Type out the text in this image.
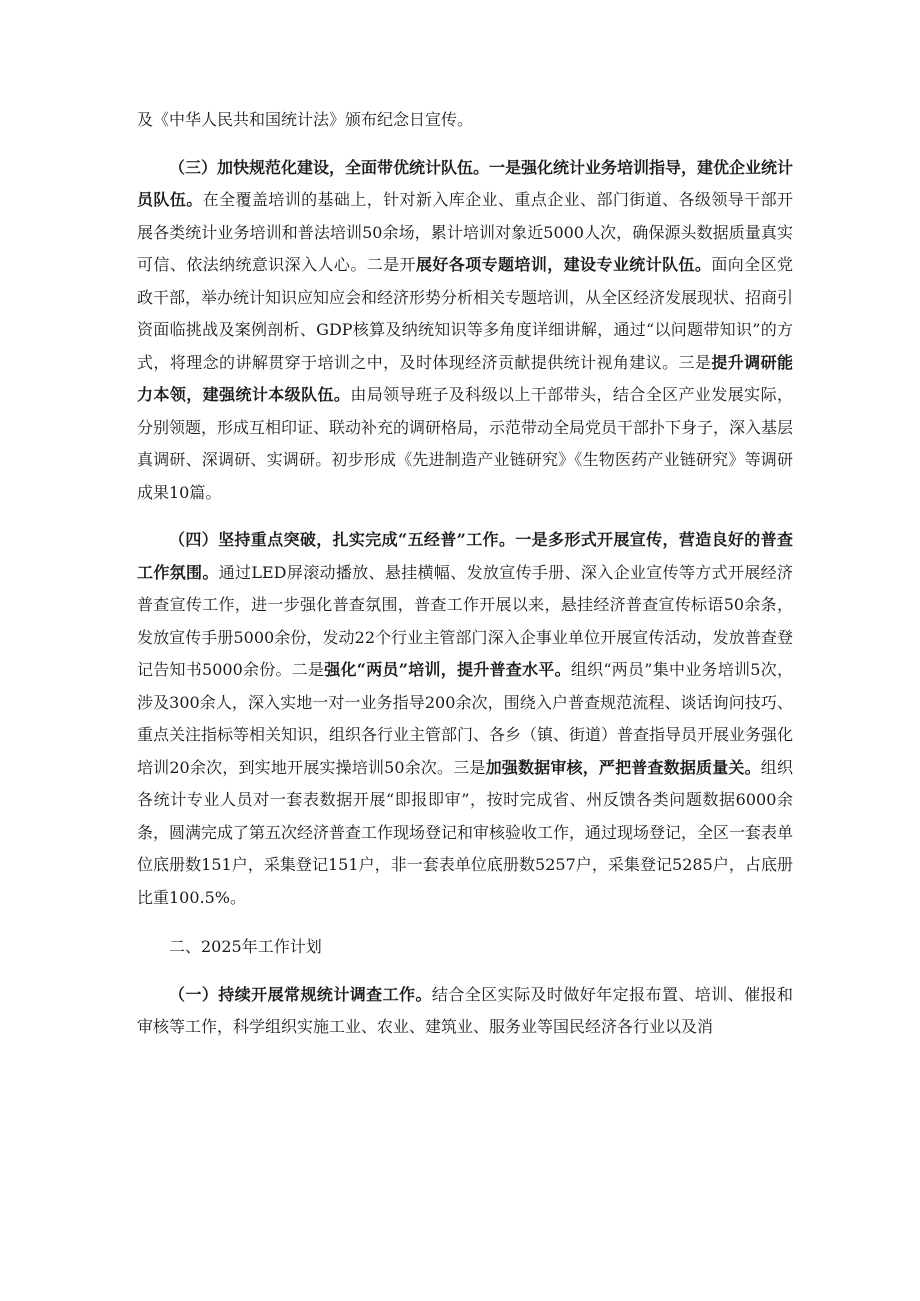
及《中华人民共和国统计法》颁布纪念日宣传。

（三）加快规范化建设，全面带优统计队伍。一是强化统计业务培训指导，建优企业统计员队伍。在全覆盖培训的基础上，针对新入库企业、重点企业、部门街道、各级领导干部开展各类统计业务培训和普法培训50余场，累计培训对象近5000人次，确保源头数据质量真实可信、依法纳统意识深入人心。二是开展好各项专题培训，建设专业统计队伍。面向全区党政干部，举办统计知识应知应会和经济形势分析相关专题培训，从全区经济发展现状、招商引资面临挑战及案例剖析、GDP核算及纳统知识等多角度详细讲解，通过“以问题带知识”的方式，将理念的讲解贯穿于培训之中，及时体现经济贡献提供统计视角建议。三是提升调研能力本领，建强统计本级队伍。由局领导班子及科级以上干部带头，结合全区产业发展实际，分别领题，形成互相印证、联动补充的调研格局，示范带动全局党员干部扑下身子，深入基层真调研、深调研、实调研。初步形成《先进制造产业链研究》《生物医药产业链研究》等调研成果10篇。

（四）坚持重点突破，扎实完成“五经普”工作。一是多形式开展宣传，营造良好的普查工作氛围。通过LED屏滚动播放、悬挂横幅、发放宣传手册、深入企业宣传等方式开展经济普查宣传工作，进一步强化普查氛围，普查工作开展以来，悬挂经济普查宣传标语50余条，发放宣传手册5000余份，发动22个行业主管部门深入企事业单位开展宣传活动，发放普查登记告知书5000余份。二是强化“两员”培训，提升普查水平。组织“两员”集中业务培训5次，涉及300余人，深入实地一对一业务指导200余次，围绕入户普查规范流程、谈话询问技巧、重点关注指标等相关知识，组织各行业主管部门、各乡（镇、街道）普查指导员开展业务强化培训20余次，到实地开展实操培训50余次。三是加强数据审核，严把普查数据质量关。组织各统计专业人员对一套表数据开展“即报即审”，按时完成省、州反馈各类问题数据6000余条，圆满完成了第五次经济普查工作现场登记和审核验收工作，通过现场登记，全区一套表单位底册数151户，采集登记151户，非一套表单位底册数5257户，采集登记5285户，占底册比重100.5%。

二、2025年工作计划

（一）持续开展常规统计调查工作。结合全区实际及时做好年定报布置、培训、催报和审核等工作，科学组织实施工业、农业、建筑业、服务业等国民经济各行业以及消
